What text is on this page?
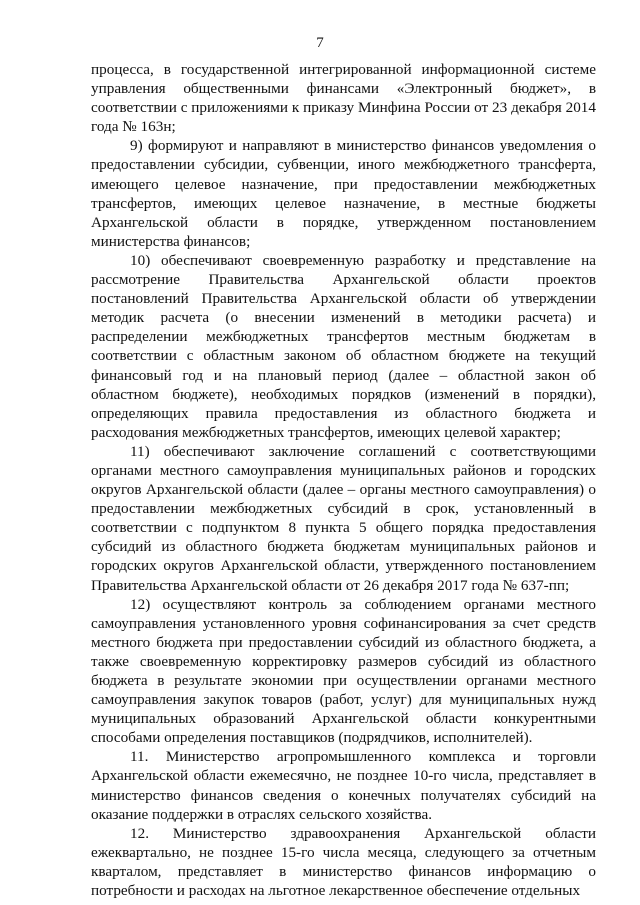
7

процесса, в государственной интегрированной информационной системе управления общественными финансами «Электронный бюджет», в соответствии с приложениями к приказу Минфина России от 23 декабря 2014 года № 163н;

9) формируют и направляют в министерство финансов уведомления о предоставлении субсидии, субвенции, иного межбюджетного трансферта, имеющего целевое назначение, при предоставлении межбюджетных трансфертов, имеющих целевое назначение, в местные бюджеты Архангельской области в порядке, утвержденном постановлением министерства финансов;

10) обеспечивают своевременную разработку и представление на рассмотрение Правительства Архангельской области проектов постановлений Правительства Архангельской области об утверждении методик расчета (о внесении изменений в методики расчета) и распределении межбюджетных трансфертов местным бюджетам в соответствии с областным законом об областном бюджете на текущий финансовый год и на плановый период (далее – областной закон об областном бюджете), необходимых порядков (изменений в порядки), определяющих правила предоставления из областного бюджета и расходования межбюджетных трансфертов, имеющих целевой характер;

11) обеспечивают заключение соглашений с соответствующими органами местного самоуправления муниципальных районов и городских округов Архангельской области (далее – органы местного самоуправления) о предоставлении межбюджетных субсидий в срок, установленный в соответствии с подпунктом 8 пункта 5 общего порядка предоставления субсидий из областного бюджета бюджетам муниципальных районов и городских округов Архангельской области, утвержденного постановлением Правительства Архангельской области от 26 декабря 2017 года № 637-пп;

12) осуществляют контроль за соблюдением органами местного самоуправления установленного уровня софинансирования за счет средств местного бюджета при предоставлении субсидий из областного бюджета, а также своевременную корректировку размеров субсидий из областного бюджета в результате экономии при осуществлении органами местного самоуправления закупок товаров (работ, услуг) для муниципальных нужд муниципальных образований Архангельской области конкурентными способами определения поставщиков (подрядчиков, исполнителей).

11. Министерство агропромышленного комплекса и торговли Архангельской области ежемесячно, не позднее 10-го числа, представляет в министерство финансов сведения о конечных получателях субсидий на оказание поддержки в отраслях сельского хозяйства.

12. Министерство здравоохранения Архангельской области ежеквартально, не позднее 15-го числа месяца, следующего за отчетным кварталом, представляет в министерство финансов информацию о потребности и расходах на льготное лекарственное обеспечение отдельных
